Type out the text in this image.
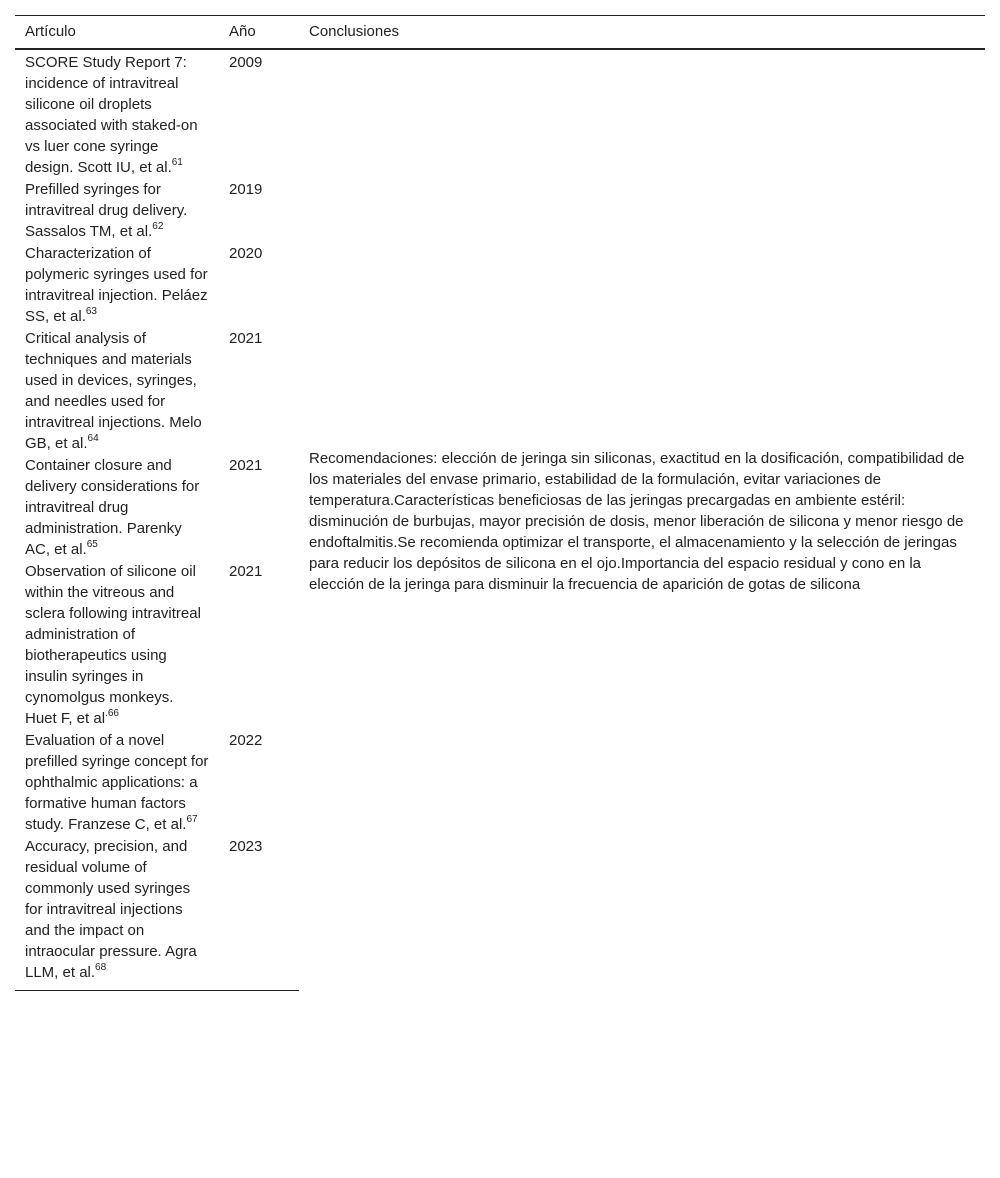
Artículo	Año	Conclusiones
SCORE Study Report 7: incidence of intravitreal silicone oil droplets associated with staked-on vs luer cone syringe design. Scott IU, et al.$^{61}$	2009	Recomendaciones: elección de jeringa sin siliconas, exactitud en la dosificación, compatibilidad de los materiales del envase primario, estabilidad de la formulación, evitar variaciones de temperatura.Características beneficiosas de las jeringas precargadas en ambiente estéril: disminución de burbujas, mayor precisión de dosis, menor liberación de silicona y menor riesgo de endoftalmitis.Se recomienda optimizar el transporte, el almacenamiento y la selección de jeringas para reducir los depósitos de silicona en el ojo.Importancia del espacio residual y cono en la elección de la jeringa para disminuir la frecuencia de aparición de gotas de silicona
Prefilled syringes for intravitreal drug delivery. Sassalos TM, et al.$^{62}$	2019	
Characterization of polymeric syringes used for intravitreal injection. Peláez SS, et al.$^{63}$	2020	
Critical analysis of techniques and materials used in devices, syringes, and needles used for intravitreal injections. Melo GB, et al.$^{64}$	2021	
Container closure and delivery considerations for intravitreal drug administration. Parenky AC, et al.$^{65}$	2021	
Observation of silicone oil within the vitreous and sclera following intravitreal administration of biotherapeutics using insulin syringes in cynomolgus monkeys. Huet F, et $al^{.66}$	2021	
Evaluation of a novel prefilled syringe concept for ophthalmic applications: a formative human factors study. Franzese C, et al.$^{67}$	2022	
Accuracy, precision, and residual volume of commonly used syringes for intravitreal injections and the impact on intraocular pressure. Agra LLM, et al.$^{68}$	2023	
